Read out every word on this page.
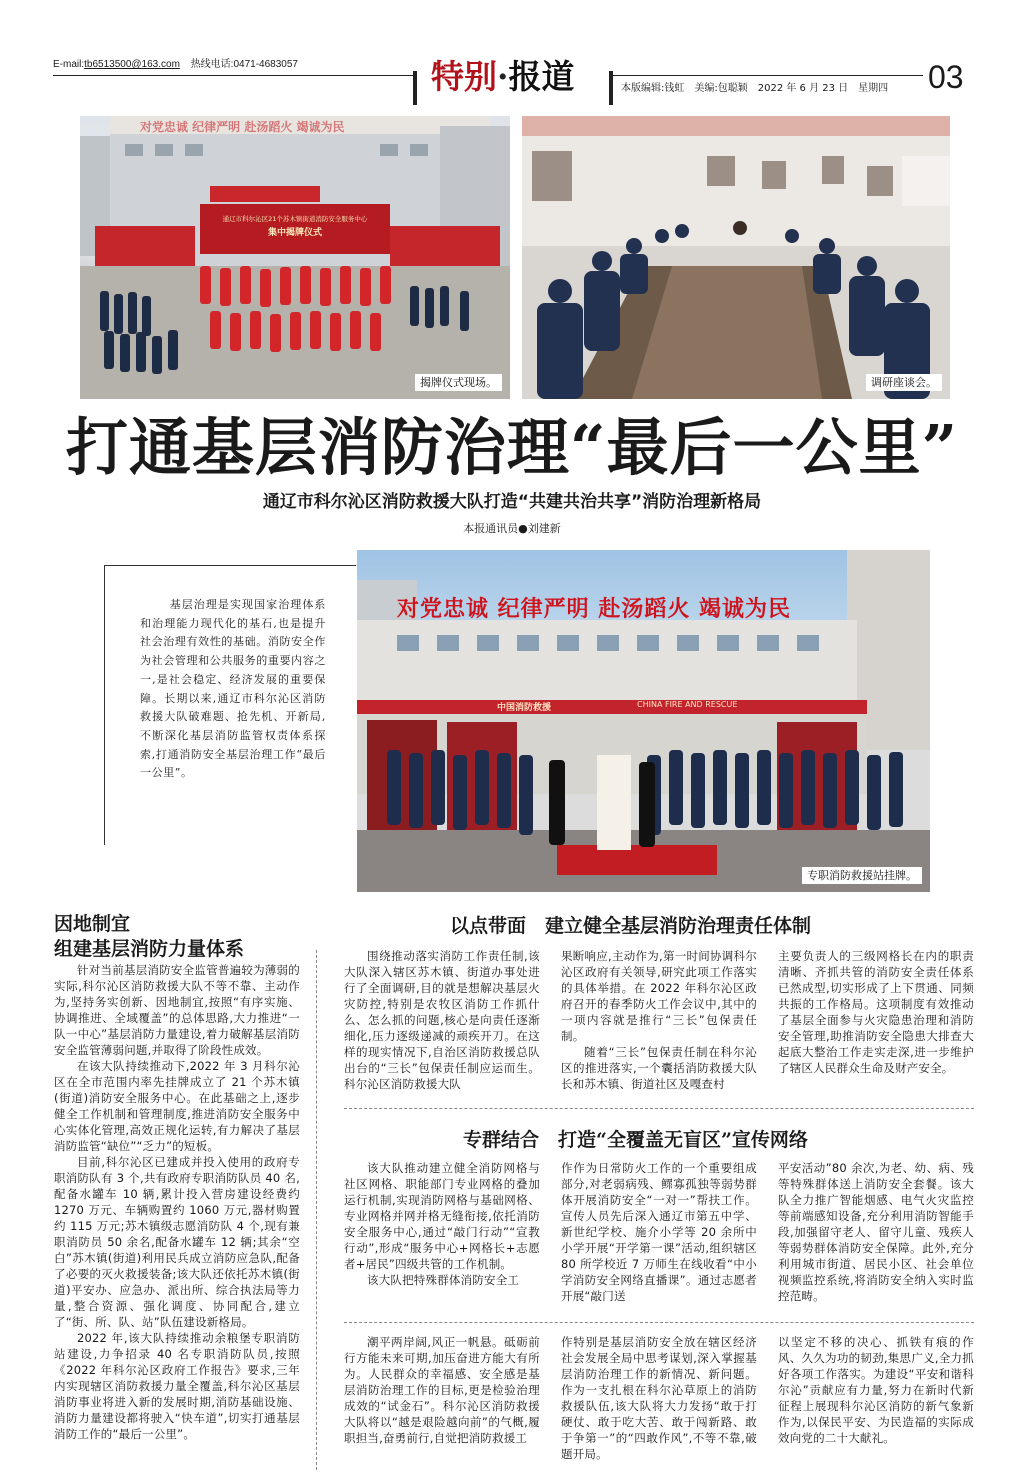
E-mail:tb6513500@163.com 热线电话:0471-4683057	特别·报道	本版编辑:钱虹　美编:包聪颖　 2022 年 6 月 23 日　星期四	03
对党忠诚 纪律严明 赴汤蹈火 竭诚为民
通辽市科尔沁区21个苏木镇街道消防安全服务中心
集中揭牌仪式
揭牌仪式现场。	调研座谈会。
打通基层消防治理“最后一公里”
通辽市科尔沁区消防救援大队打造“共建共治共享”消防治理新格局
本报通讯员●刘建新
基层治理是实现国家治理体系和治理能力现代化的基石,也是提升社会治理有效性的基础。消防安全作为社会管理和公共服务的重要内容之一,是社会稳定、经济发展的重要保障。长期以来,通辽市科尔沁区消防救援大队破难题、抢先机、开新局,不断深化基层消防监管权责体系探索,打通消防安全基层治理工作“最后一公里”。
对党忠诚 纪律严明 赴汤蹈火 竭诚为民
中国消防救援	CHINA FIRE AND RESCUE
专职消防救援站挂牌。
因地制宜
组建基层消防力量体系

针对当前基层消防安全监管普遍较为薄弱的实际,科尔沁区消防救援大队不等不靠、主动作为,坚持务实创新、因地制宜,按照“有序实施、协调推进、全域覆盖”的总体思路,大力推进“一队一中心”基层消防力量建设,着力破解基层消防安全监管薄弱问题,并取得了阶段性成效。

在该大队持续推动下,2022 年 3 月科尔沁区在全市范围内率先挂牌成立了 21 个苏木镇(街道)消防安全服务中心。在此基础之上,逐步健全工作机制和管理制度,推进消防安全服务中心实体化管理,高效正规化运转,有力解决了基层消防监管“缺位”“乏力”的短板。

目前,科尔沁区已建成并投入使用的政府专职消防队有 3 个,共有政府专职消防队员 40 名,配备水罐车 10 辆,累计投入营房建设经费约 1270 万元、车辆购置约 1060 万元,器材购置约 115 万元;苏木镇级志愿消防队 4 个,现有兼职消防员 50 余名,配备水罐车 12 辆;其余“空白”苏木镇(街道)利用民兵成立消防应急队,配备了必要的灭火救援装备;该大队还依托苏木镇(街道)平安办、应急办、派出所、综合执法局等力量,整合资源、强化调度、协同配合,建立了“街、所、队、站”队伍建设新格局。

2022 年,该大队持续推动余粮堡专职消防站建设,力争招录 40 名专职消防队员,按照《2022 年科尔沁区政府工作报告》要求,三年内实现辖区消防救援力量全覆盖,科尔沁区基层消防事业将进入新的发展时期,消防基础设施、消防力量建设都将驶入“快车道”,切实打通基层消防工作的“最后一公里”。

以点带面　 建立健全基层消防治理责任体制
围绕推动落实消防工作责任制,该大队深入辖区苏木镇、街道办事处进行了全面调研,目的就是想解决基层火灾防控,特别是农牧区消防工作抓什么、怎么抓的问题,核心是向责任逐渐细化,压力逐级递减的顽疾开刀。在这样的现实情况下,自治区消防救援总队出台的“三长”包保责任制应运而生。科尔沁区消防救援大队
果断响应,主动作为,第一时间协调科尔沁区政府有关领导,研究此项工作落实的具体举措。在 2022 年科尔沁区政府召开的春季防火工作会议中,其中的一项内容就是推行“三长”包保责任制。
随着“三长”包保责任制在科尔沁区的推进落实,一个囊括消防救援大队长和苏木镇、街道社区及嘎查村
主要负责人的三级网格长在内的职责清晰、齐抓共管的消防安全责任体系已然成型,切实形成了上下贯通、同频共振的工作格局。这项制度有效推动了基层全面参与火灾隐患治理和消防安全管理,助推消防安全隐患大排查大起底大整治工作走实走深,进一步维护了辖区人民群众生命及财产安全。
专群结合　 打造“全覆盖无盲区”宣传网络
该大队推动建立健全消防网格与社区网格、职能部门专业网格的叠加运行机制,实现消防网格与基础网格、专业网格并网并格无缝衔接,依托消防安全服务中心,通过“敲门行动”“宣教行动”,形成“服务中心+网格长+志愿者+居民”四级共管的工作机制。
该大队把特殊群体消防安全工
作作为日常防火工作的一个重要组成部分,对老弱病残、鳏寡孤独等弱势群体开展消防安全“一对一”帮扶工作。宣传人员先后深入通辽市第五中学、新世纪学校、施介小学等 20 余所中小学开展“开学第一课”活动,组织辖区 80 所学校近 7 万师生在线收看“中小学消防安全网络直播课”。通过志愿者开展“敲门送
平安活动”80 余次,为老、幼、病、残等特殊群体送上消防安全套餐。该大队全力推广智能烟感、电气火灾监控等前端感知设备,充分利用消防智能手段,加强留守老人、留守儿童、残疾人等弱势群体消防安全保障。此外,充分利用城市街道、居民小区、社会单位视频监控系统,将消防安全纳入实时监控范畴。
潮平两岸阔,风正一帆悬。砥砺前行方能未来可期,加压奋进方能大有所为。人民群众的幸福感、安全感是基层消防治理工作的目标,更是检验治理成效的“试金石”。科尔沁区消防救援大队将以“越是艰险越向前”的气概,履职担当,奋勇前行,自觉把消防救援工
作特别是基层消防安全放在辖区经济社会发展全局中思考谋划,深入掌握基层消防治理工作的新情况、新问题。作为一支扎根在科尔沁草原上的消防救援队伍,该大队将大力发扬“敢于打硬仗、敢于吃大苦、敢于闯新路、敢于争第一”的“四敢作风”,不等不靠,破题开局。
以坚定不移的决心、抓铁有痕的作风、久久为功的韧劲,集思广义,全力抓好各项工作落实。为建设“平安和谐科尔沁”贡献应有力量,努力在新时代新征程上展现科尔沁区消防的新气象新作为,以保民平安、为民造福的实际成效向党的二十大献礼。
